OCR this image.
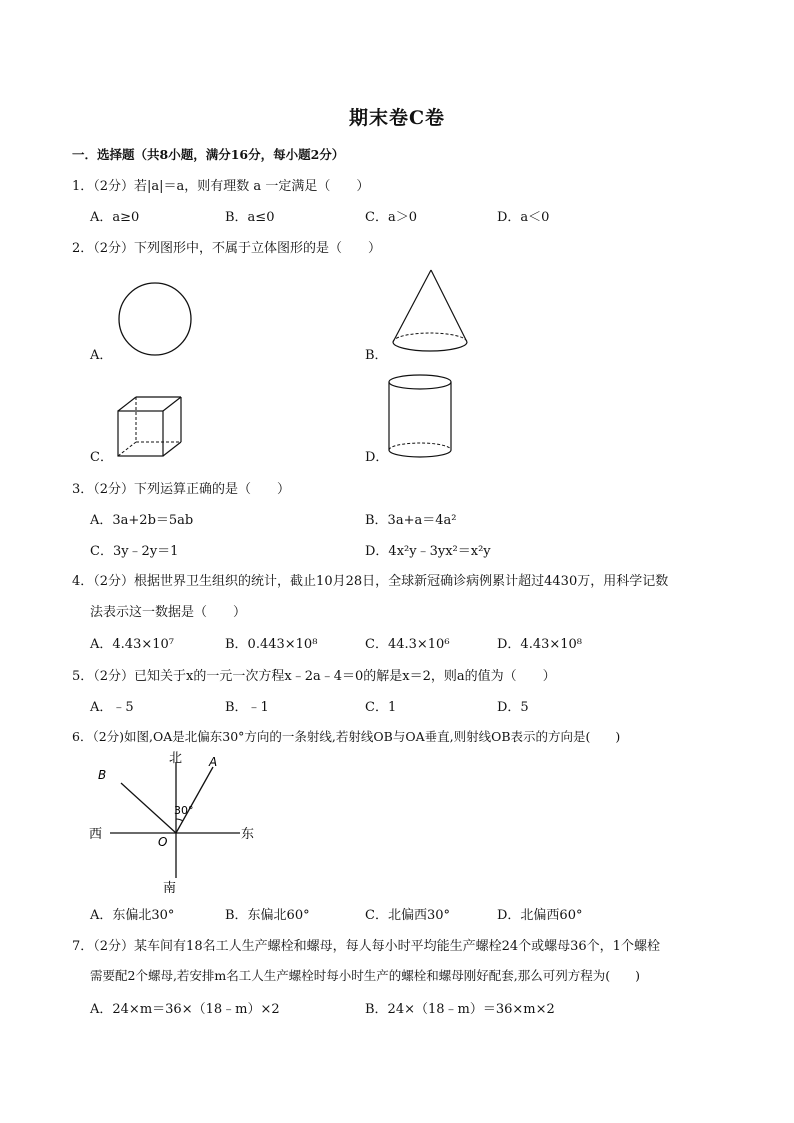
期末卷C卷
一．选择题（共8小题，满分16分，每小题2分）
1．（2分）若|a|＝a，则有理数 a 一定满足（　　）
A．a≥0	B．a≤0	C．a＞0	D．a＜0
2．（2分）下列图形中，不属于立体图形的是（　　）
A．	B．
C．	D．
3．（2分）下列运算正确的是（　　）
A．3a+2b＝5ab	B．3a+a＝4a²
C．3y﹣2y＝1	D．4x²y﹣3yx²＝x²y
4．（2分）根据世界卫生组织的统计，截止10月28日，全球新冠确诊病例累计超过4430万，用科学记数
法表示这一数据是（　　）
A．4.43×10⁷	B．0.443×10⁸	C．44.3×10⁶	D．4.43×10⁸
5．（2分）已知关于x的一元一次方程x﹣2a﹣4＝0的解是x＝2，则a的值为（　　）
A．﹣5	B．﹣1	C．1	D．5
6．（2分)如图,OA是北偏东30°方向的一条射线,若射线OB与OA垂直,则射线OB表示的方向是(　　)
北
南
西	东
A
B
O
30°
A．东偏北30°	B．东偏北60°	C．北偏西30°	D．北偏西60°
7．（2分）某车间有18名工人生产螺栓和螺母，每人每小时平均能生产螺栓24个或螺母36个，1个螺栓
需要配2个螺母,若安排m名工人生产螺栓时每小时生产的螺栓和螺母刚好配套,那么可列方程为(　　)
A．24×m＝36×（18﹣m）×2	B．24×（18﹣m）＝36×m×2
